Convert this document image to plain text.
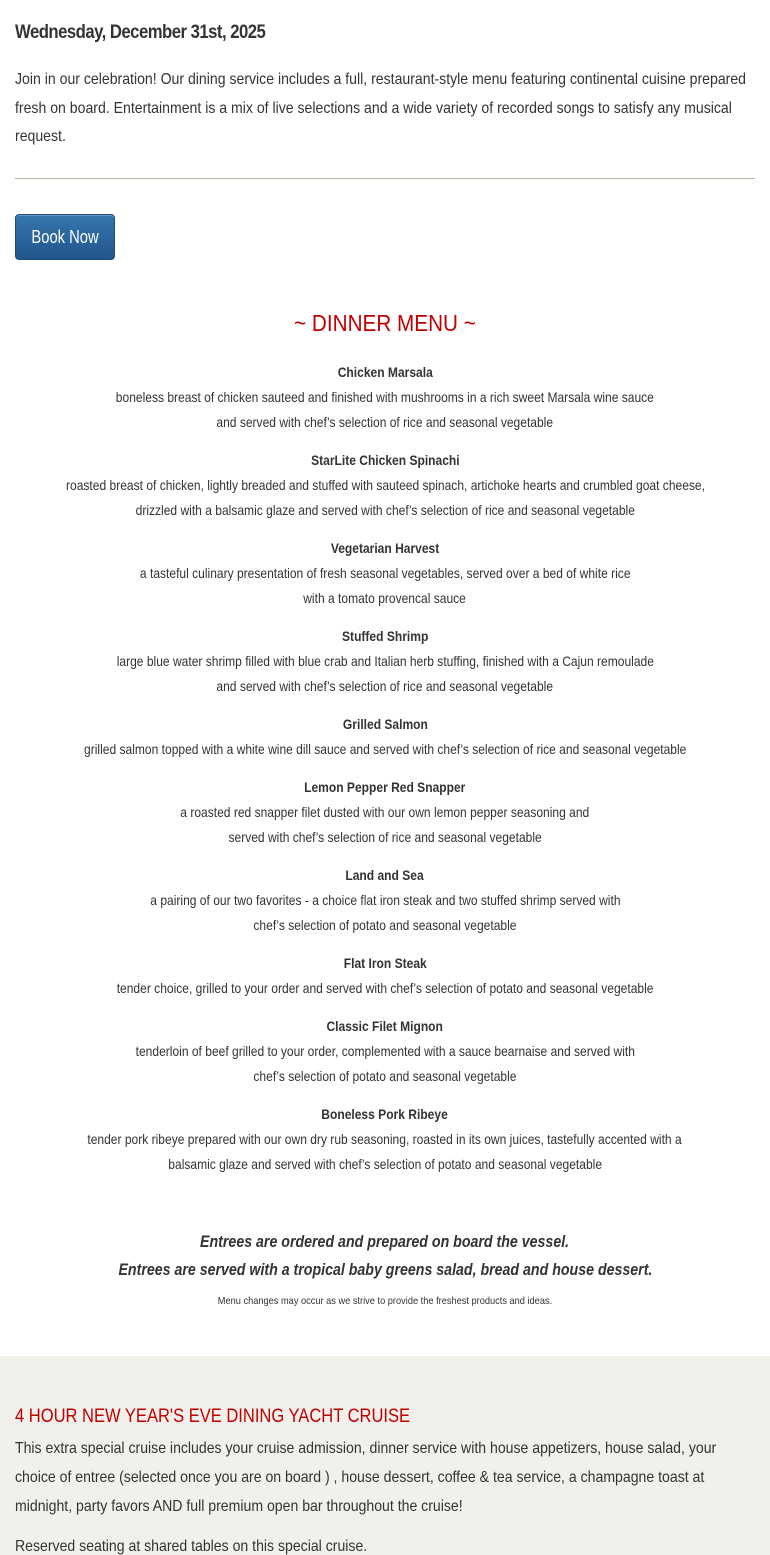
Wednesday, December 31st, 2025

Join in our celebration! Our dining service includes a full, restaurant-style menu featuring continental cuisine prepared fresh on board. Entertainment is a mix of live selections and a wide variety of recorded songs to satisfy any musical request.

Book Now
~ DINNER MENU ~
Chicken Marsala
boneless breast of chicken sauteed and finished with mushrooms in a rich sweet Marsala wine sauce
and served with chef’s selection of rice and seasonal vegetable
StarLite Chicken Spinachi
roasted breast of chicken, lightly breaded and stuffed with sauteed spinach, artichoke hearts and crumbled goat cheese,
drizzled with a balsamic glaze and served with chef’s selection of rice and seasonal vegetable
Vegetarian Harvest
a tasteful culinary presentation of fresh seasonal vegetables, served over a bed of white rice
with a tomato provencal sauce
Stuffed Shrimp
large blue water shrimp filled with blue crab and Italian herb stuffing, finished with a Cajun remoulade
and served with chef’s selection of rice and seasonal vegetable
Grilled Salmon
grilled salmon topped with a white wine dill sauce and served with chef’s selection of rice and seasonal vegetable
Lemon Pepper Red Snapper
a roasted red snapper filet dusted with our own lemon pepper seasoning and
served with chef’s selection of rice and seasonal vegetable
Land and Sea
a pairing of our two favorites - a choice flat iron steak and two stuffed shrimp served with
chef’s selection of potato and seasonal vegetable
Flat Iron Steak
tender choice, grilled to your order and served with chef’s selection of potato and seasonal vegetable
Classic Filet Mignon
tenderloin of beef grilled to your order, complemented with a sauce bearnaise and served with
chef’s selection of potato and seasonal vegetable
Boneless Pork Ribeye
tender pork ribeye prepared with our own dry rub seasoning, roasted in its own juices, tastefully accented with a
balsamic glaze and served with chef’s selection of potato and seasonal vegetable
Entrees are ordered and prepared on board the vessel.
Entrees are served with a tropical baby greens salad, bread and house dessert.
Menu changes may occur as we strive to provide the freshest products and ideas.
4 HOUR NEW YEAR'S EVE DINING YACHT CRUISE

This extra special cruise includes your cruise admission, dinner service with house appetizers, house salad, your choice of entree (selected once you are on board ) , house dessert, coffee & tea service, a champagne toast at midnight, party favors AND full premium open bar throughout the cruise!

Reserved seating at shared tables on this special cruise.
